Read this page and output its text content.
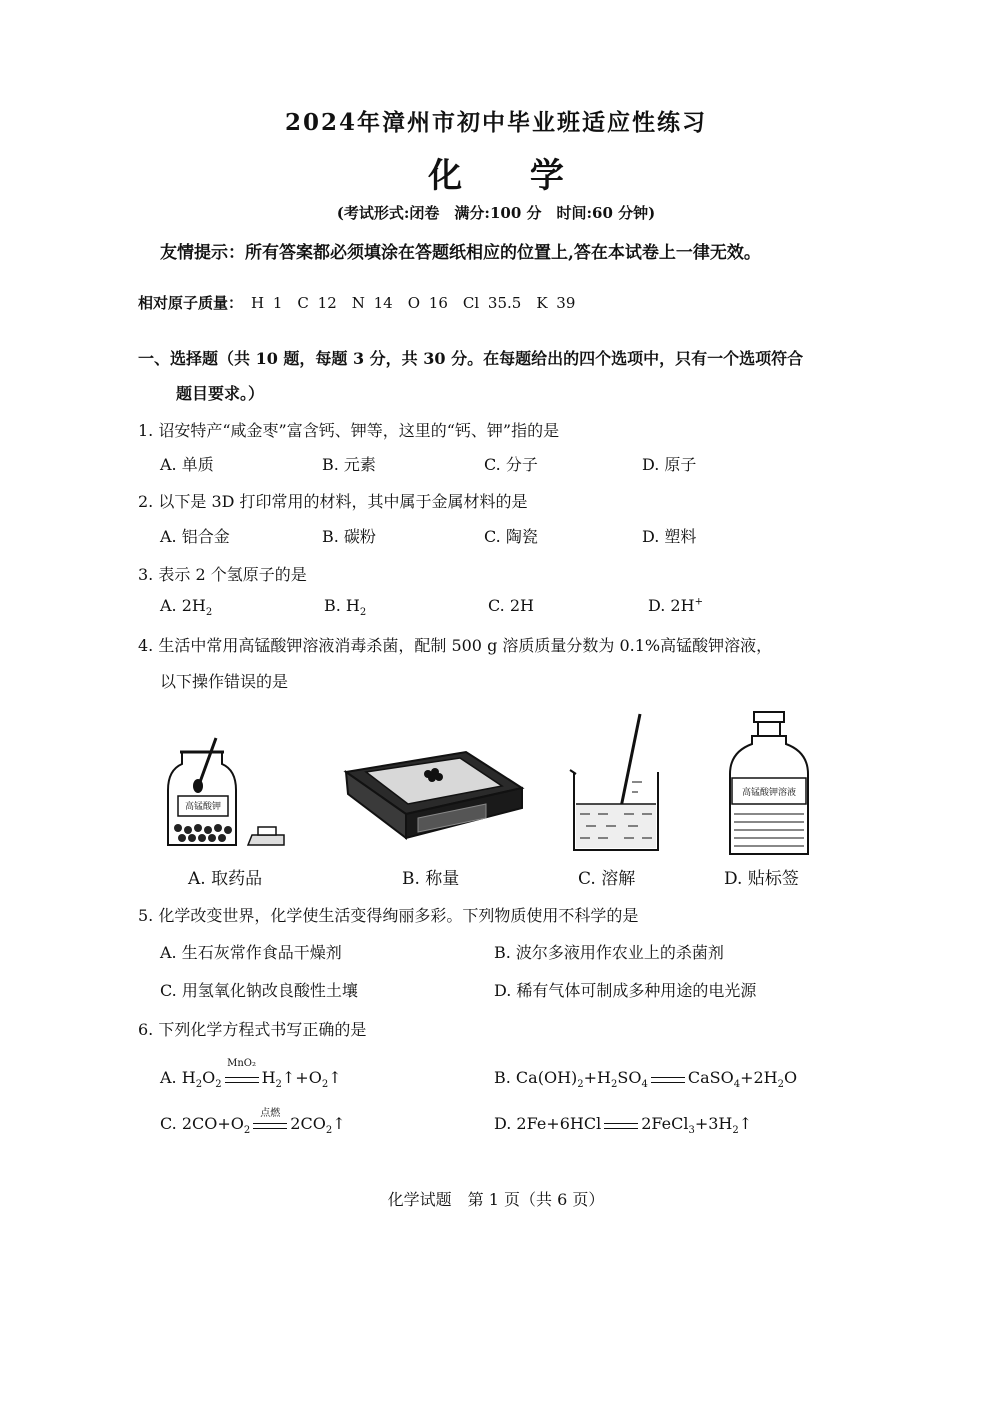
2024年漳州市初中毕业班适应性练习
化 学
(考试形式:闭卷　满分:100 分　时间:60 分钟)
友情提示：所有答案都必须填涂在答题纸相应的位置上,答在本试卷上一律无效。
相对原子质量： H 1　C 12　N 14　O 16　Cl 35.5　K 39
一、选择题（共 10 题，每题 3 分，共 30 分。在每题给出的四个选项中，只有一个选项符合
题目要求。）
1. 诏安特产“咸金枣”富含钙、钾等，这里的“钙、钾”指的是
A. 单质	B. 元素	C. 分子	D. 原子
2. 以下是 3D 打印常用的材料，其中属于金属材料的是
A. 铝合金	B. 碳粉	C. 陶瓷	D. 塑料
3. 表示 2 个氢原子的是
A. $2H_2$	B. $H_2$	C. 2H	D. 2H+
4. 生活中常用高锰酸钾溶液消毒杀菌，配制 500 g 溶质质量分数为 0.1%高锰酸钾溶液，
以下操作错误的是
高锰酸钾
高锰酸钾溶液
A. 取药品	B. 称量	C. 溶解	D. 贴标签
5. 化学改变世界，化学使生活变得绚丽多彩。下列物质使用不科学的是
A. 生石灰常作食品干燥剂	B. 波尔多液用作农业上的杀菌剂
C. 用氢氧化钠改良酸性土壤	D. 稀有气体可制成多种用途的电光源
6. 下列化学方程式书写正确的是
A. $H_2O_2$
MnO₂
$H_2↑+O_2↑$	B. $Ca(OH)_2+H_2SO_4$	$CaSO_4+2H_2O$
C. $2CO+O_2$
点燃
$2CO_2↑$	D. 2Fe+6HCl	$2FeCl_3+3H_2↑$
化学试题　第 1 页（共 6 页）
